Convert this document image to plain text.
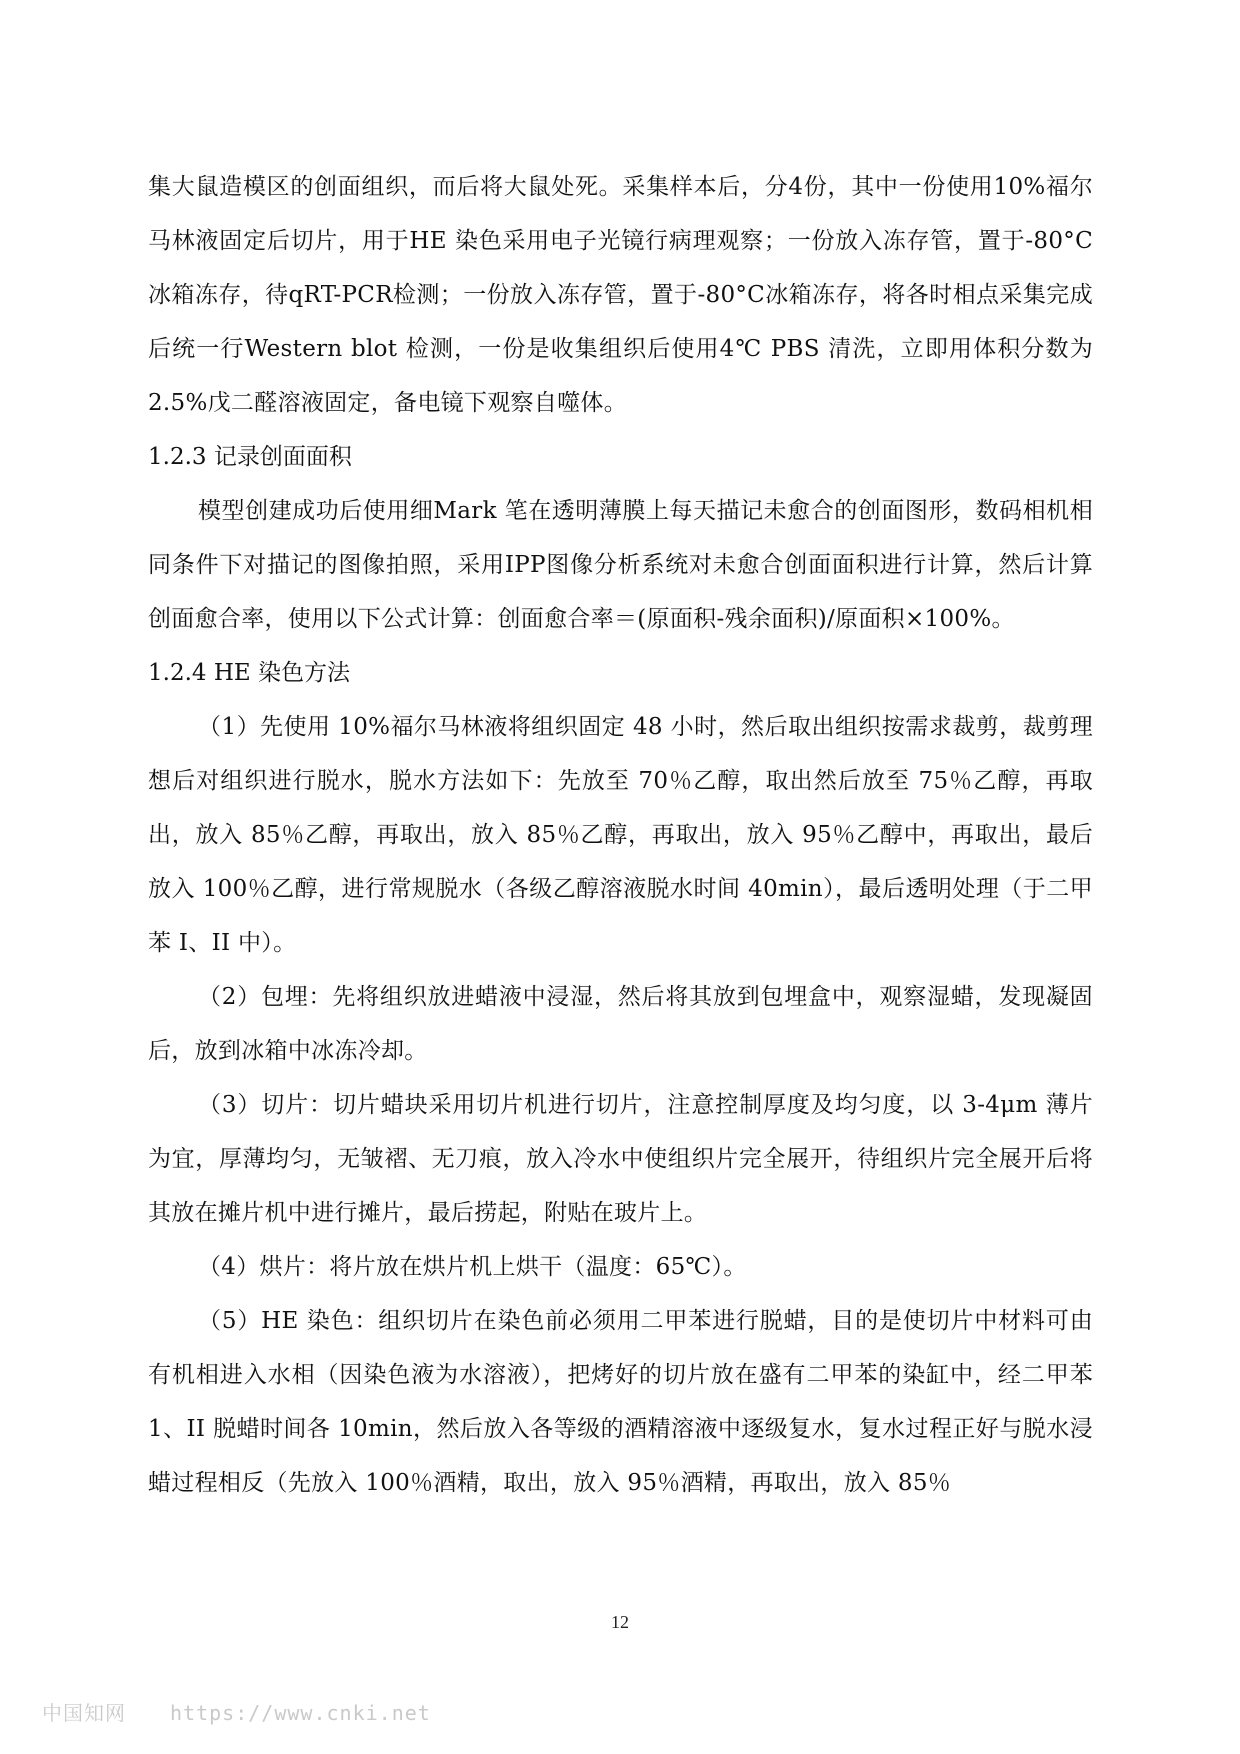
集大鼠造模区的创面组织，而后将大鼠处死。采集样本后，分4份，其中一份使用10%福尔马林液固定后切片，用于HE 染色采用电子光镜行病理观察；一份放入冻存管，置于-80°C冰箱冻存，待qRT-PCR检测；一份放入冻存管，置于-80°C冰箱冻存，将各时相点采集完成后统一行Western blot 检测，一份是收集组织后使用4℃ PBS 清洗，立即用体积分数为2.5%戊二醛溶液固定，备电镜下观察自噬体。

1.2.3 记录创面面积

模型创建成功后使用细Mark 笔在透明薄膜上每天描记未愈合的创面图形，数码相机相同条件下对描记的图像拍照，采用IPP图像分析系统对未愈合创面面积进行计算，然后计算创面愈合率，使用以下公式计算：创面愈合率＝(原面积-残余面积)/原面积×100%。

1.2.4 HE 染色方法

（1）先使用 10%福尔马林液将组织固定 48 小时，然后取出组织按需求裁剪，裁剪理想后对组织进行脱水，脱水方法如下：先放至 70％乙醇，取出然后放至 75％乙醇，再取出，放入 85％乙醇，再取出，放入 85％乙醇，再取出，放入 95％乙醇中，再取出，最后放入 100％乙醇，进行常规脱水（各级乙醇溶液脱水时间 40min），最后透明处理（于二甲苯 I、II 中）。

（2）包埋：先将组织放进蜡液中浸湿，然后将其放到包埋盒中，观察湿蜡，发现凝固后，放到冰箱中冰冻冷却。

（3）切片：切片蜡块采用切片机进行切片，注意控制厚度及均匀度，以 3-4μm 薄片为宜，厚薄均匀，无皱褶、无刀痕，放入冷水中使组织片完全展开，待组织片完全展开后将其放在摊片机中进行摊片，最后捞起，附贴在玻片上。

（4）烘片：将片放在烘片机上烘干（温度：65℃）。

（5）HE 染色：组织切片在染色前必须用二甲苯进行脱蜡，目的是使切片中材料可由有机相进入水相（因染色液为水溶液），把烤好的切片放在盛有二甲苯的染缸中，经二甲苯 1、II 脱蜡时间各 10min，然后放入各等级的酒精溶液中逐级复水，复水过程正好与脱水浸蜡过程相反（先放入 100％酒精，取出，放入 95％酒精，再取出，放入 85％

12
中国知网 https://www.cnki.net
